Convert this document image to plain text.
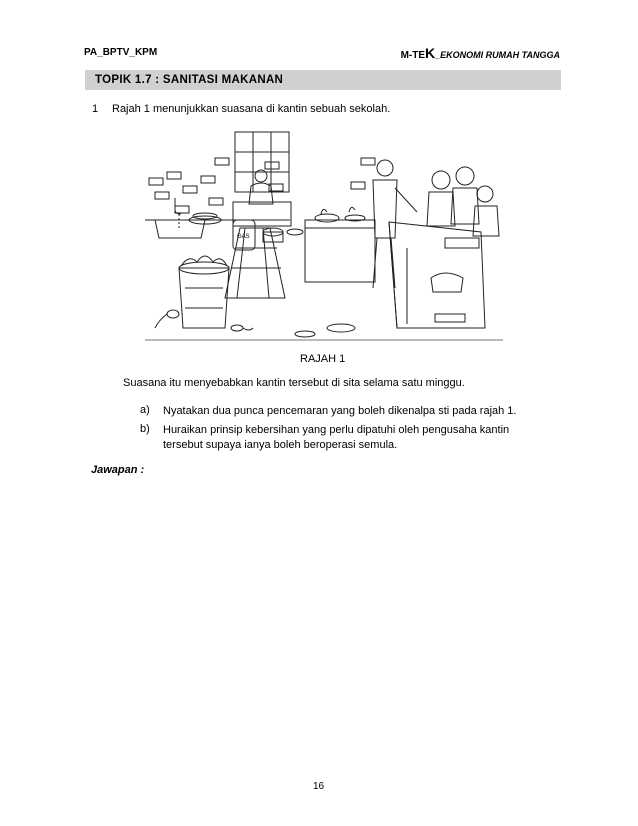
PA_BPTV_KPM	M-TEK_EKONOMI RUMAH TANGGA
TOPIK 1.7 : SANITASI MAKANAN
1 Rajah 1 menunjukkan suasana di kantin sebuah sekolah.
GAS
RAJAH 1
Suasana itu menyebabkan kantin tersebut di sita selama satu minggu.
a) Nyatakan dua punca pencemaran yang boleh dikenalpa sti pada rajah 1.
b) Huraikan prinsip kebersihan yang perlu dipatuhi oleh pengusaha kantin tersebut supaya ianya boleh beroperasi semula.
Jawapan :
16
